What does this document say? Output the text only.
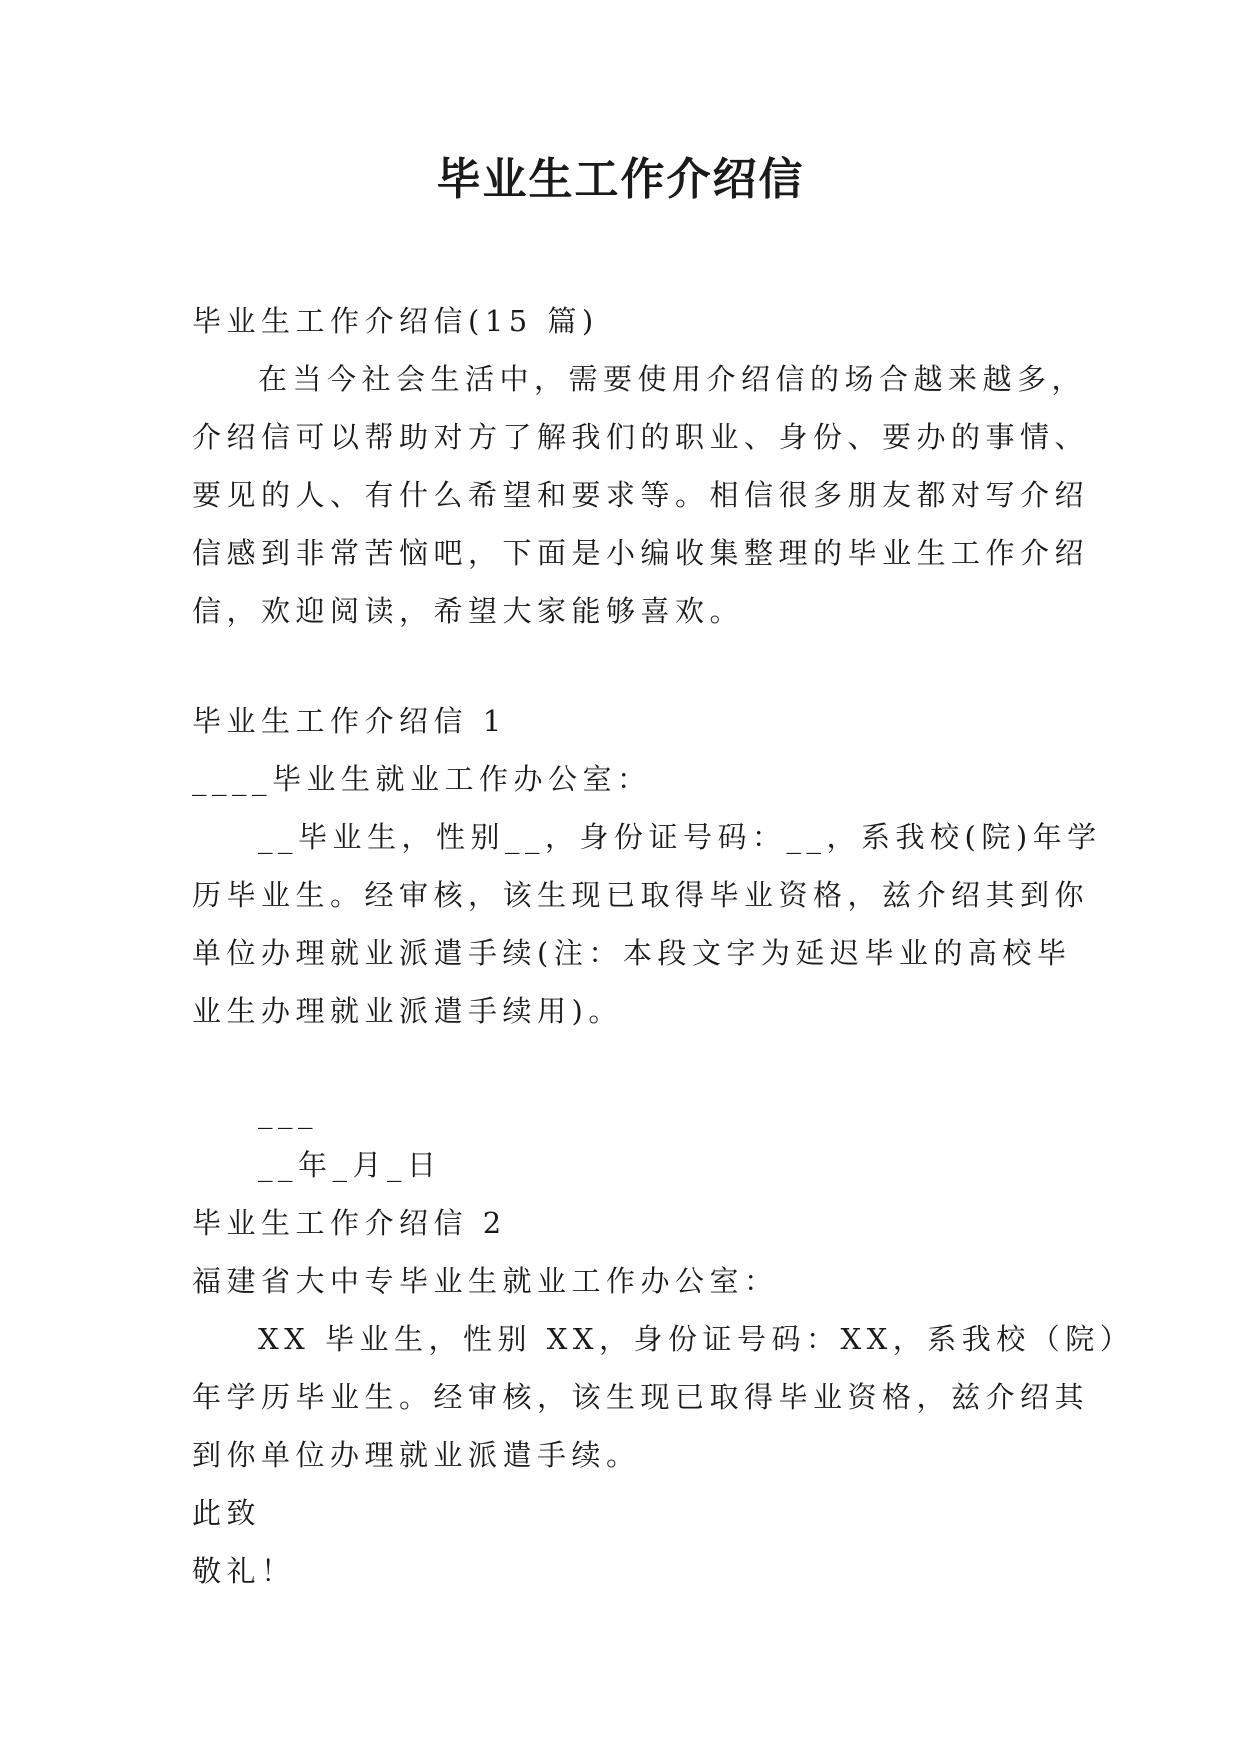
毕业生工作介绍信
毕业生工作介绍信(15 篇)
在当今社会生活中，需要使用介绍信的场合越来越多，
介绍信可以帮助对方了解我们的职业、身份、要办的事情、
要见的人、有什么希望和要求等。相信很多朋友都对写介绍
信感到非常苦恼吧，下面是小编收集整理的毕业生工作介绍
信，欢迎阅读，希望大家能够喜欢。
毕业生工作介绍信 1
____毕业生就业工作办公室：
__毕业生，性别__，身份证号码：__，系我校(院)年学
历毕业生。经审核，该生现已取得毕业资格，兹介绍其到你
单位办理就业派遣手续(注：本段文字为延迟毕业的高校毕
业生办理就业派遣手续用)。
___
__年_月_日
毕业生工作介绍信 2
福建省大中专毕业生就业工作办公室：
XX 毕业生，性别 XX，身份证号码：XX，系我校（院）
年学历毕业生。经审核，该生现已取得毕业资格，兹介绍其
到你单位办理就业派遣手续。
此致
敬礼！
